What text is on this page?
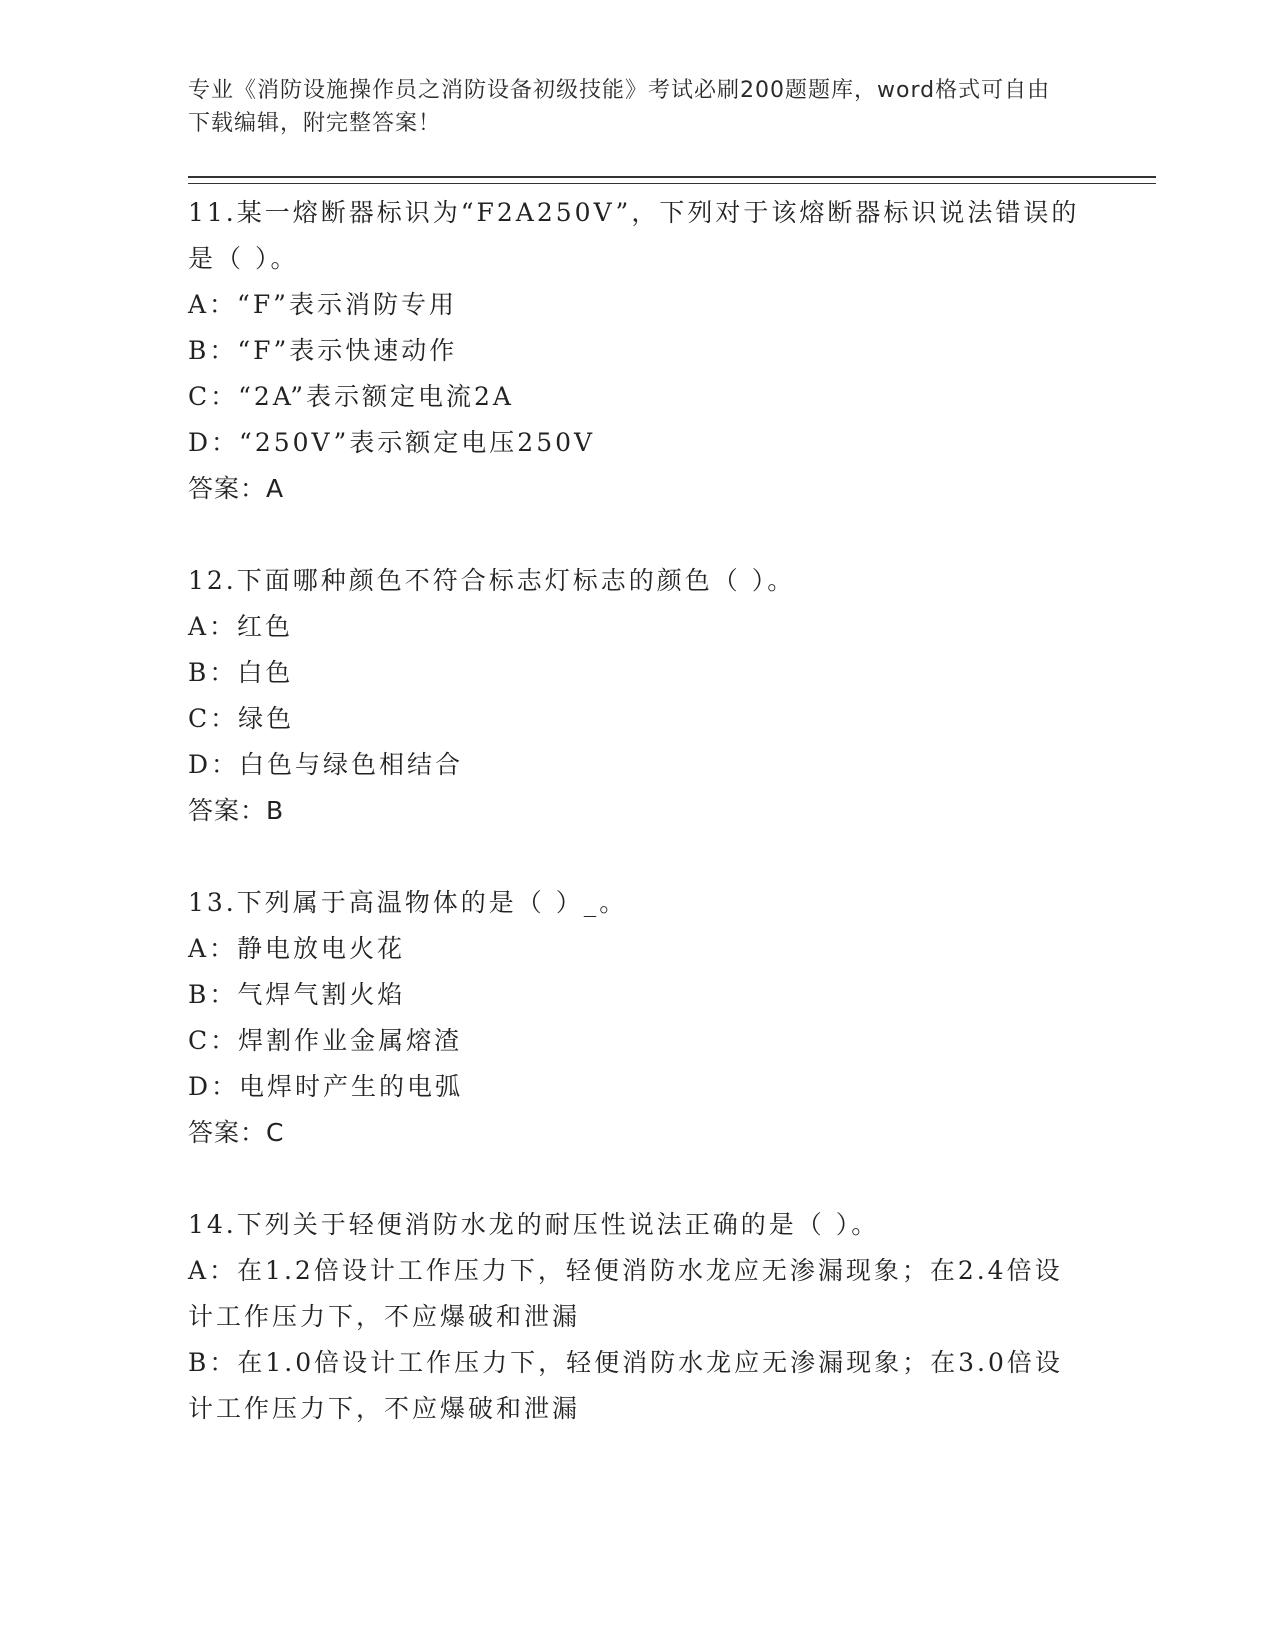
专业《消防设施操作员之消防设备初级技能》考试必刷200题题库，word格式可自由下载编辑，附完整答案！

11.某一熔断器标识为“F2A250V”，下列对于该熔断器标识说法错误的是（ ）。

A：“F”表示消防专用

B：“F”表示快速动作

C：“2A”表示额定电流2A

D：“250V”表示额定电压250V

答案：A

12.下面哪种颜色不符合标志灯标志的颜色（ ）。

A：红色

B：白色

C：绿色

D：白色与绿色相结合

答案：B

13.下列属于高温物体的是（ ）_。

A：静电放电火花

B：气焊气割火焰

C：焊割作业金属熔渣

D：电焊时产生的电弧

答案：C

14.下列关于轻便消防水龙的耐压性说法正确的是（ ）。

A：在1.2倍设计工作压力下，轻便消防水龙应无渗漏现象；在2.4倍设计工作压力下，不应爆破和泄漏

B：在1.0倍设计工作压力下，轻便消防水龙应无渗漏现象；在3.0倍设计工作压力下，不应爆破和泄漏
